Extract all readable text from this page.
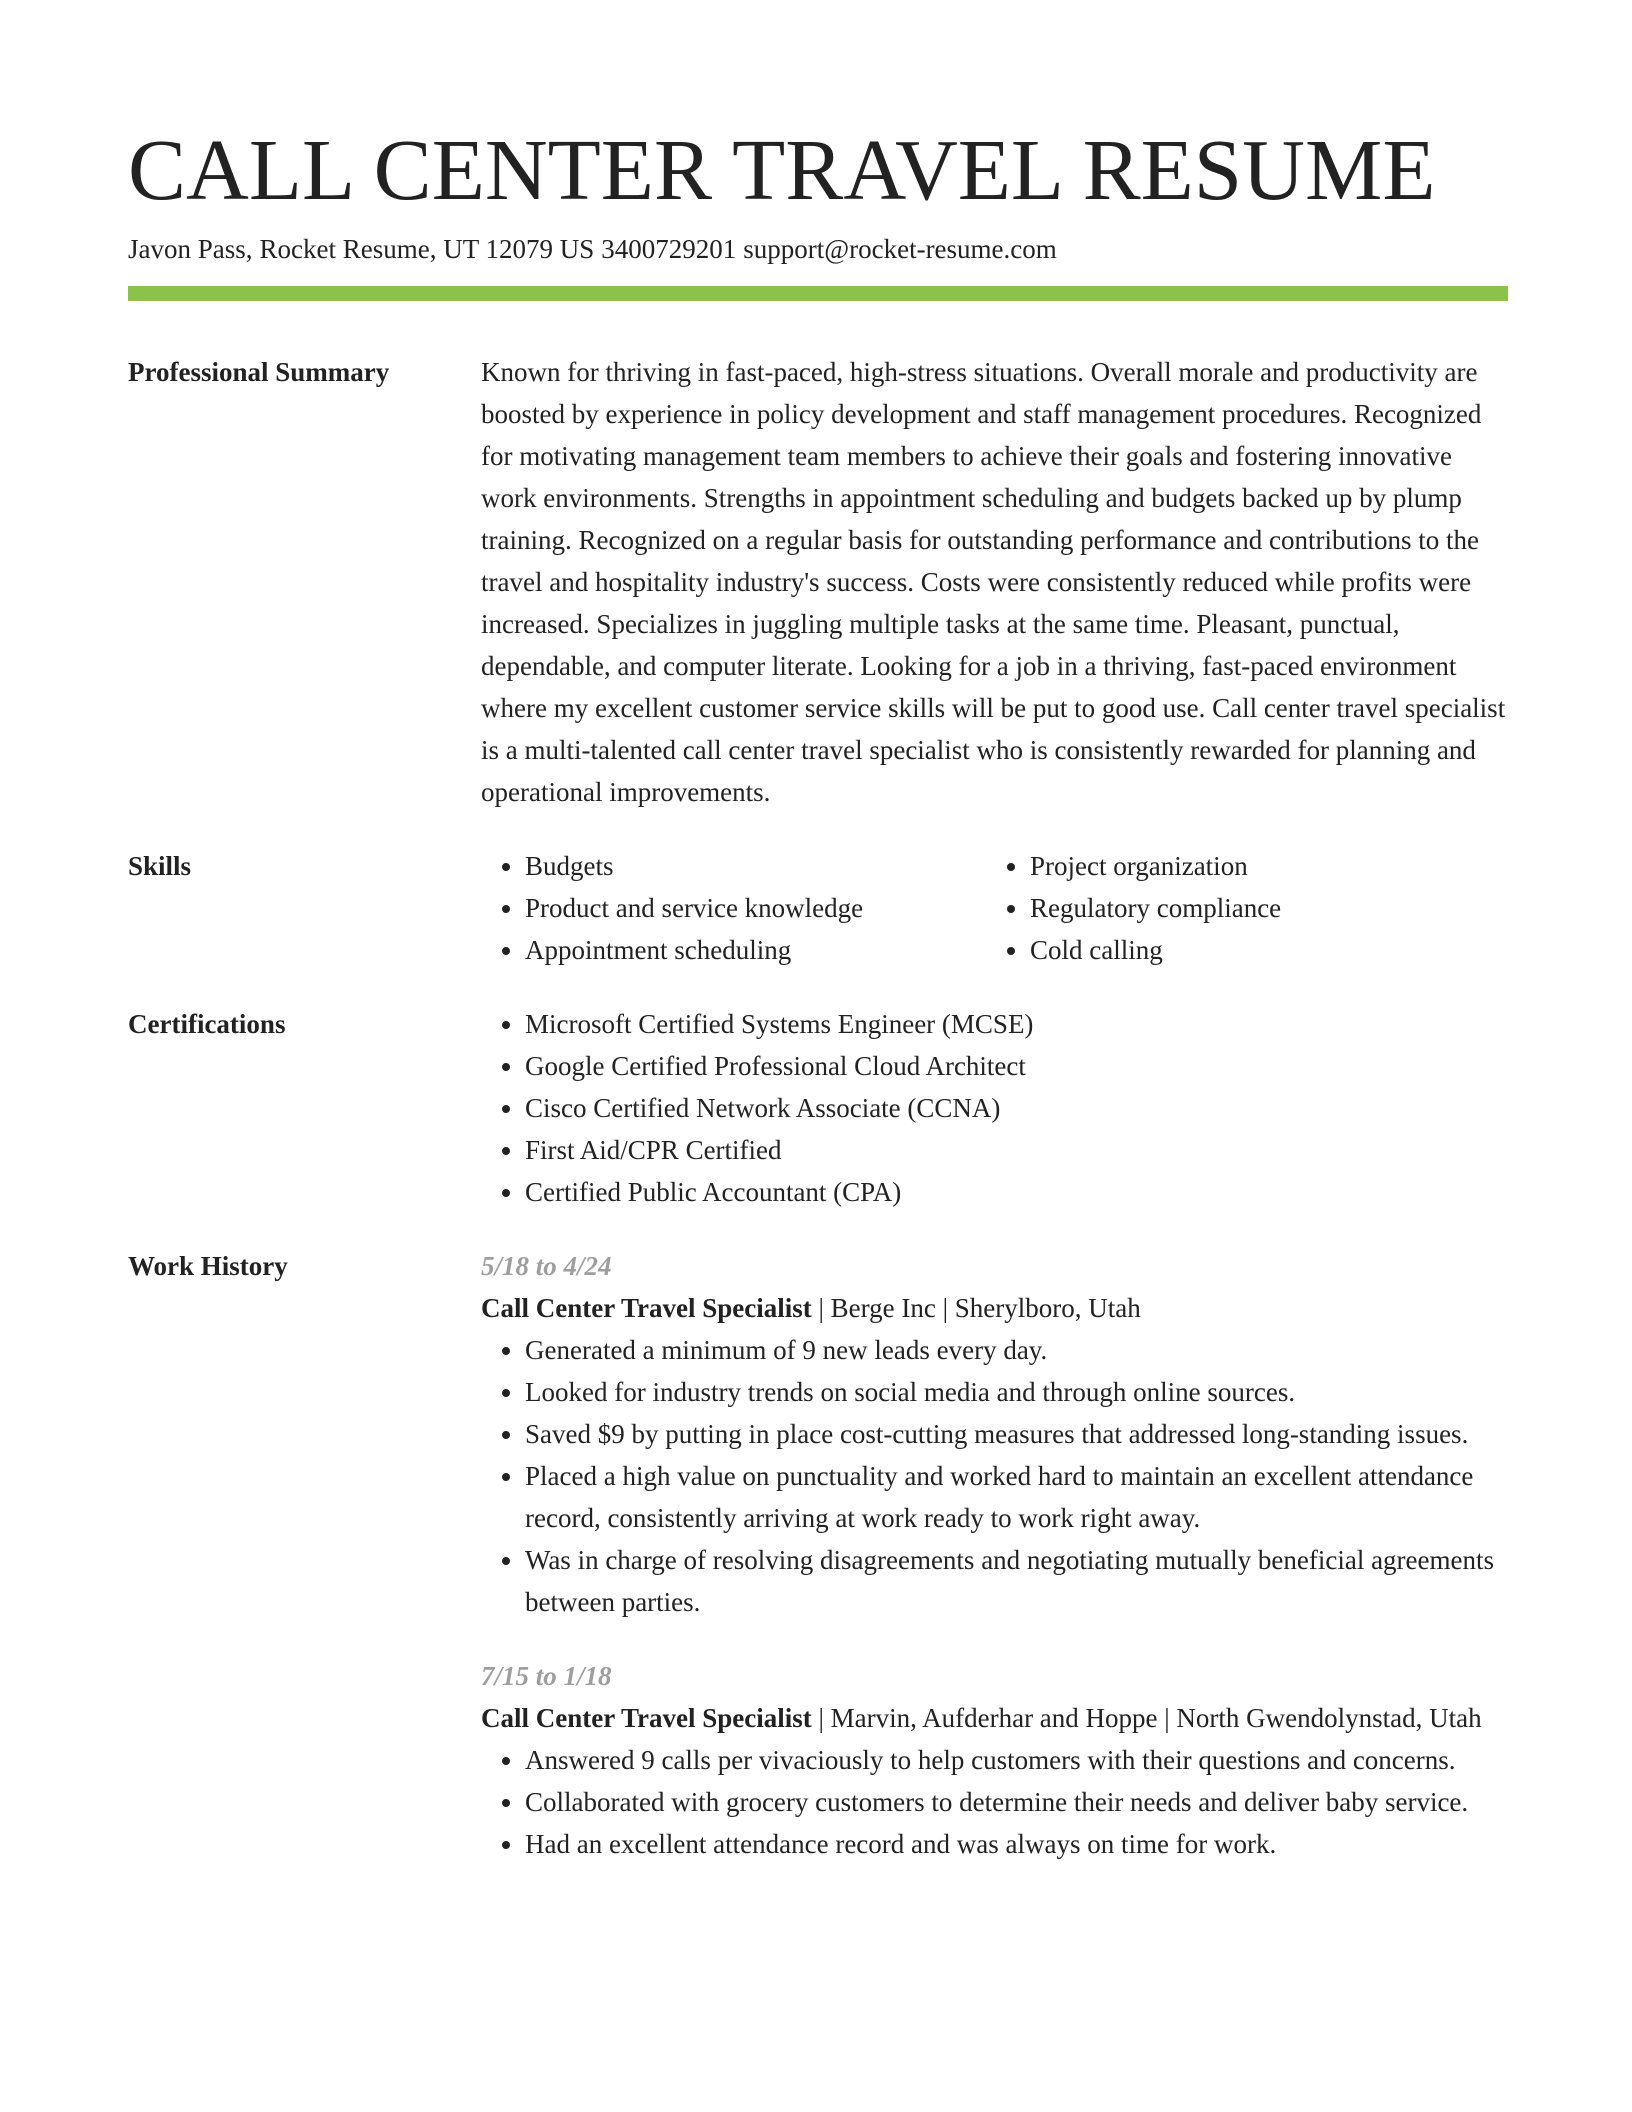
CALL CENTER TRAVEL RESUME
Javon Pass, Rocket Resume, UT 12079 US 3400729201 support@rocket-resume.com
Professional Summary	Known for thriving in fast-paced, high-stress situations. Overall morale and productivity are boosted by experience in policy development and staff management procedures. Recognized for motivating management team members to achieve their goals and fostering innovative work environments. Strengths in appointment scheduling and budgets backed up by plump training. Recognized on a regular basis for outstanding performance and contributions to the travel and hospitality industry's success. Costs were consistently reduced while profits were increased. Specializes in juggling multiple tasks at the same time. Pleasant, punctual, dependable, and computer literate. Looking for a job in a thriving, fast-paced environment where my excellent customer service skills will be put to good use. Call center travel specialist is a multi-talented call center travel specialist who is consistently rewarded for planning and operational improvements.

Skills	• Budgets
• Product and service knowledge
• Appointment scheduling
• Project organization
• Regulatory compliance
• Cold calling
Certifications	• Microsoft Certified Systems Engineer (MCSE)
• Google Certified Professional Cloud Architect
• Cisco Certified Network Associate (CCNA)
• First Aid/CPR Certified
• Certified Public Accountant (CPA)
Work History	5/18 to 4/24
Call Center Travel Specialist | Berge Inc | Sherylboro, Utah
• Generated a minimum of 9 new leads every day.
• Looked for industry trends on social media and through online sources.
• Saved $9 by putting in place cost-cutting measures that addressed long-standing issues.
• Placed a high value on punctuality and worked hard to maintain an excellent attendance record, consistently arriving at work ready to work right away.
• Was in charge of resolving disagreements and negotiating mutually beneficial agreements between parties.
7/15 to 1/18
Call Center Travel Specialist | Marvin, Aufderhar and Hoppe | North Gwendolynstad, Utah
• Answered 9 calls per vivaciously to help customers with their questions and concerns.
• Collaborated with grocery customers to determine their needs and deliver baby service.
• Had an excellent attendance record and was always on time for work.
